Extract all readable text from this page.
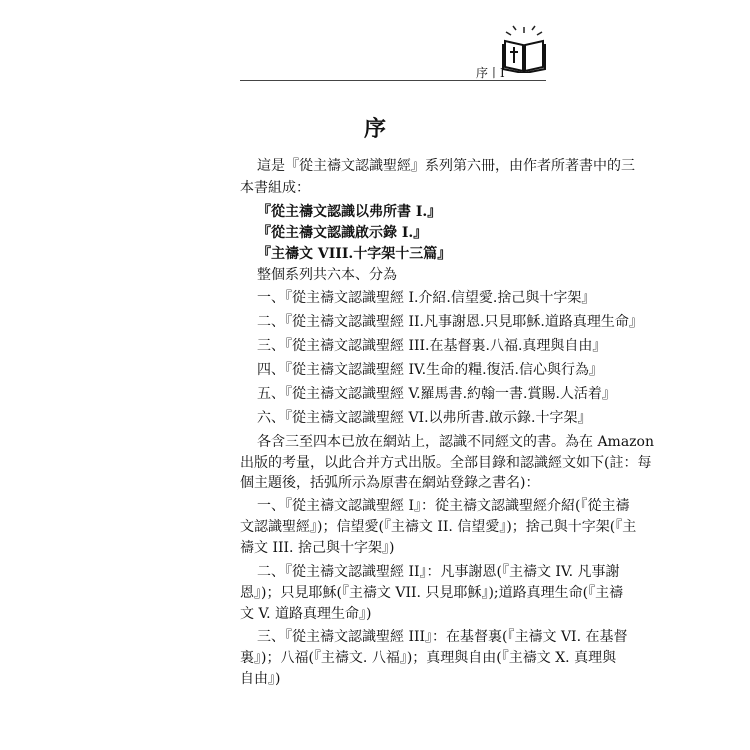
序丨I
序
這是『從主禱文認識聖經』系列第六冊，由作者所著書中的三
本書組成：
『從主禱文認識以弗所書 I.』
『從主禱文認識啟示錄 I.』
『主禱文 VIII.十字架十三篇』
整個系列共六本、分為
一、『從主禱文認識聖經 I.介紹.信望愛.捨己與十字架』
二、『從主禱文認識聖經 II.凡事謝恩.只見耶穌.道路真理生命』
三、『從主禱文認識聖經 III.在基督裏.八福.真理與自由』
四、『從主禱文認識聖經 IV.生命的糧.復活.信心與行為』
五、『從主禱文認識聖經 V.羅馬書.約翰一書.賞賜.人活着』
六、『從主禱文認識聖經 VI.以弗所書.啟示錄.十字架』
各含三至四本已放在網站上，認識不同經文的書。為在 Amazon
出版的考量，以此合并方式出版。全部目錄和認識經文如下(註：每
個主題後，括弧所示為原書在網站登錄之書名)：
一、『從主禱文認識聖經 I』：從主禱文認識聖經介紹(『從主禱
文認識聖經』)；信望愛(『主禱文 II. 信望愛』)；捨己與十字架(『主
禱文 III. 捨己與十字架』)
二、『從主禱文認識聖經 II』：凡事謝恩(『主禱文 IV. 凡事謝
恩』)；只見耶穌(『主禱文 VII. 只見耶穌』);道路真理生命(『主禱
文 V. 道路真理生命』)
三、『從主禱文認識聖經 III』：在基督裏(『主禱文 VI. 在基督
裏』)；八福(『主禱文. 八福』)；真理與自由(『主禱文 X. 真理與
自由』)
